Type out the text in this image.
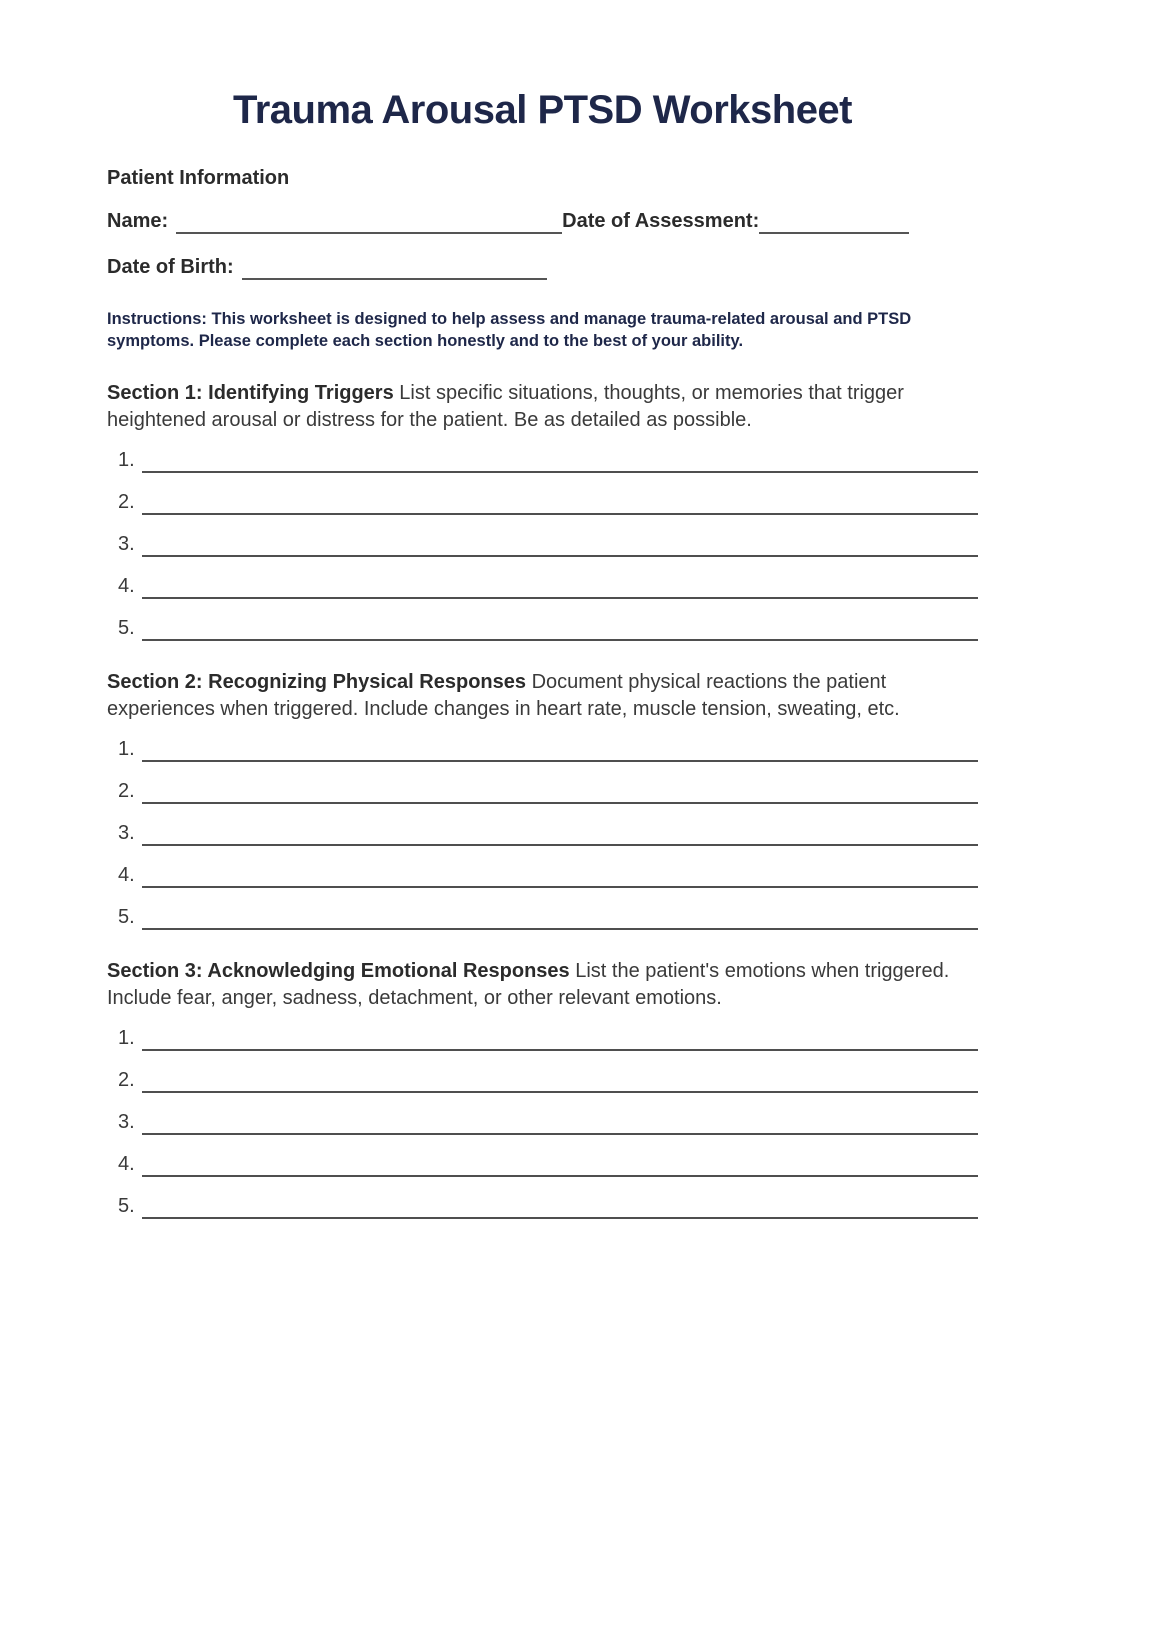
Trauma Arousal PTSD Worksheet
Patient Information
Name:	Date of Assessment:
Date of Birth:

Instructions: This worksheet is designed to help assess and manage trauma-related arousal and PTSD symptoms. Please complete each section honestly and to the best of your ability.

Section 1: Identifying Triggers List specific situations, thoughts, or memories that trigger heightened arousal or distress for the patient. Be as detailed as possible.

1.
2.
3.
4.
5.

Section 2: Recognizing Physical Responses Document physical reactions the patient experiences when triggered. Include changes in heart rate, muscle tension, sweating, etc.

1.
2.
3.
4.
5.

Section 3: Acknowledging Emotional Responses List the patient's emotions when triggered. Include fear, anger, sadness, detachment, or other relevant emotions.

1.
2.
3.
4.
5.
